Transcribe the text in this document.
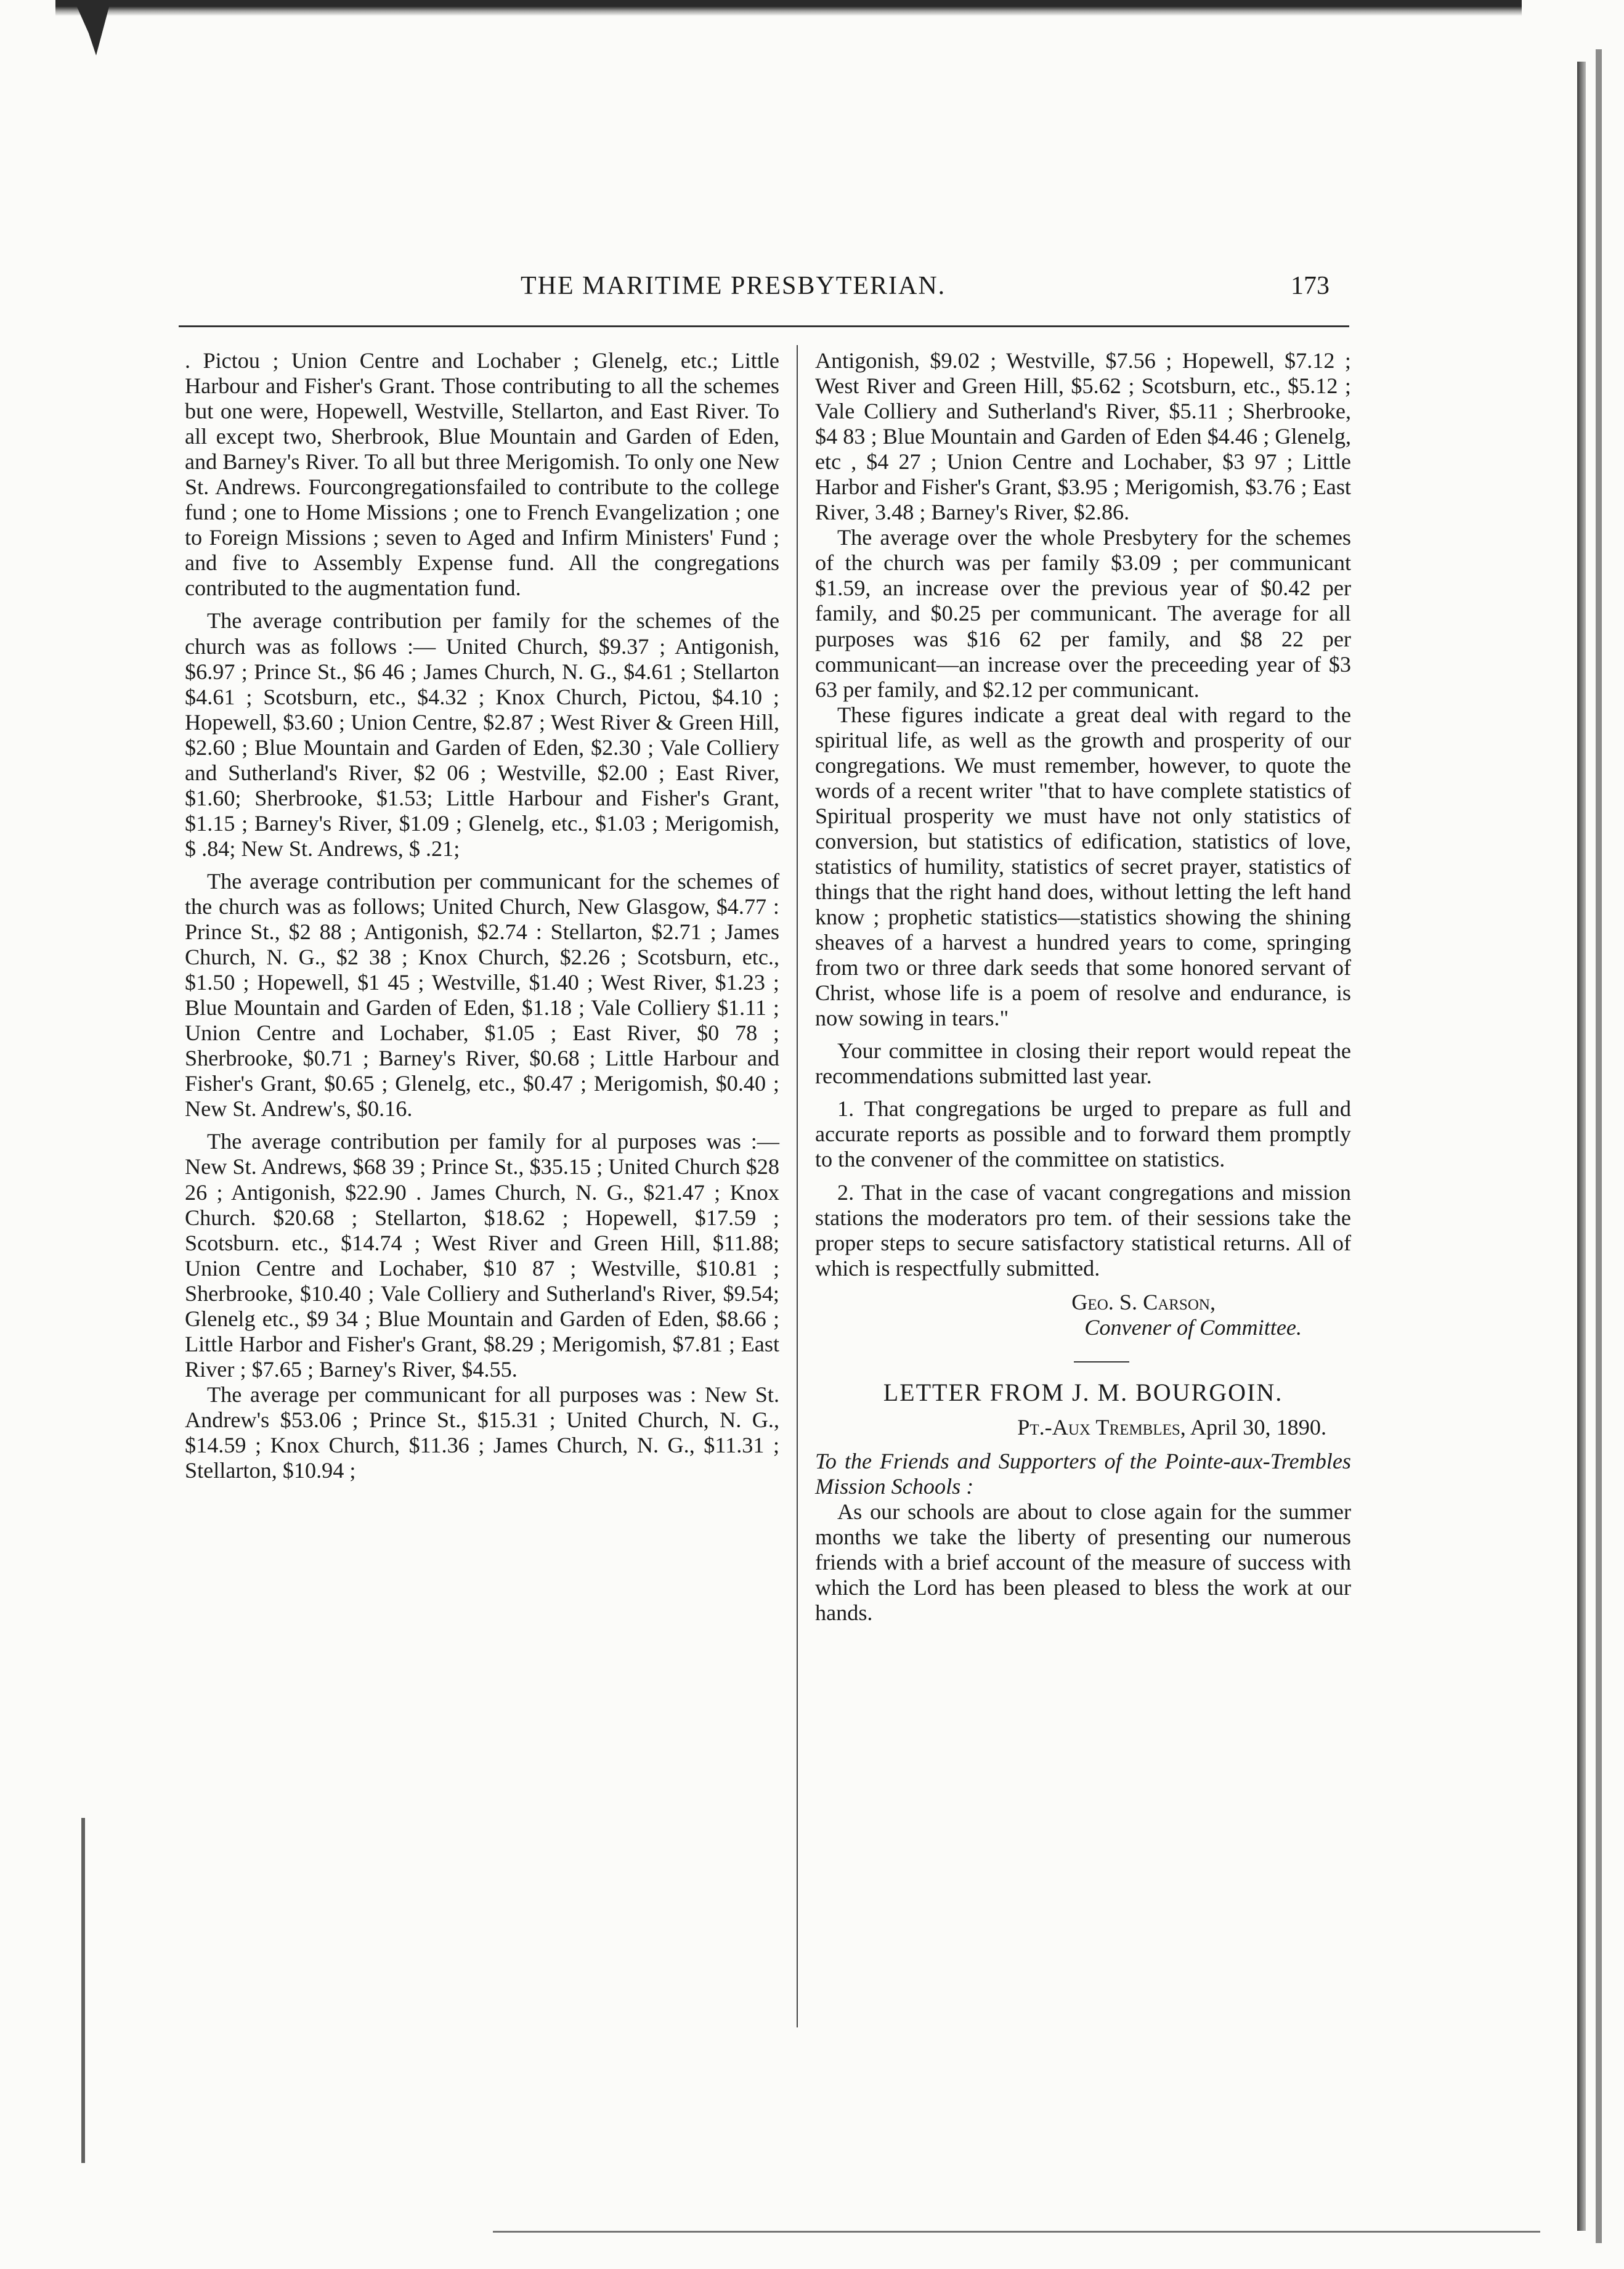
THE MARITIME PRESBYTERIAN.	173

. Pictou ; Union Centre and Lochaber ; Glenelg, etc.; Little Harbour and Fisher's Grant. Those contributing to all the schemes but one were, Hopewell, Westville, Stellarton, and East River. To all except two, Sherbrook, Blue Mountain and Garden of Eden, and Barney's River. To all but three Merigomish. To only one New St. Andrews. Fourcongregationsfailed to contribute to the college fund ; one to Home Missions ; one to French Evangelization ; one to Foreign Missions ; seven to Aged and Infirm Ministers' Fund ; and five to Assembly Expense fund. All the congregations contributed to the augmentation fund.

The average contribution per family for the schemes of the church was as follows :— United Church, $9.37 ; Antigonish, $6.97 ; Prince St., $6 46 ; James Church, N. G., $4.61 ; Stellarton $4.61 ; Scotsburn, etc., $4.32 ; Knox Church, Pictou, $4.10 ; Hopewell, $3.60 ; Union Centre, $2.87 ; West River & Green Hill, $2.60 ; Blue Mountain and Garden of Eden, $2.30 ; Vale Colliery and Sutherland's River, $2 06 ; Westville, $2.00 ; East River, $1.60; Sherbrooke, $1.53; Little Harbour and Fisher's Grant, $1.15 ; Barney's River, $1.09 ; Glenelg, etc., $1.03 ; Merigomish, $ .84; New St. Andrews, $ .21;

The average contribution per communicant for the schemes of the church was as follows; United Church, New Glasgow, $4.77 : Prince St., $2 88 ; Antigonish, $2.74 : Stellarton, $2.71 ; James Church, N. G., $2 38 ; Knox Church, $2.26 ; Scotsburn, etc., $1.50 ; Hopewell, $1 45 ; Westville, $1.40 ; West River, $1.23 ; Blue Mountain and Garden of Eden, $1.18 ; Vale Colliery $1.11 ; Union Centre and Lochaber, $1.05 ; East River, $0 78 ; Sherbrooke, $0.71 ; Barney's River, $0.68 ; Little Harbour and Fisher's Grant, $0.65 ; Glenelg, etc., $0.47 ; Merigomish, $0.40 ; New St. Andrew's, $0.16.

The average contribution per family for al purposes was :—New St. Andrews, $68 39 ; Prince St., $35.15 ; United Church $28 26 ; Antigonish, $22.90 . James Church, N. G., $21.47 ; Knox Church. $20.68 ; Stellarton, $18.62 ; Hopewell, $17.59 ; Scotsburn. etc., $14.74 ; West River and Green Hill, $11.88; Union Centre and Lochaber, $10 87 ; Westville, $10.81 ; Sherbrooke, $10.40 ; Vale Colliery and Sutherland's River, $9.54; Glenelg etc., $9 34 ; Blue Mountain and Garden of Eden, $8.66 ; Little Harbor and Fisher's Grant, $8.29 ; Merigomish, $7.81 ; East River ; $7.65 ; Barney's River, $4.55.

The average per communicant for all purposes was : New St. Andrew's $53.06 ; Prince St., $15.31 ; United Church, N. G., $14.59 ; Knox Church, $11.36 ; James Church, N. G., $11.31 ; Stellarton, $10.94 ;

Antigonish, $9.02 ; Westville, $7.56 ; Hopewell, $7.12 ; West River and Green Hill, $5.62 ; Scotsburn, etc., $5.12 ; Vale Colliery and Sutherland's River, $5.11 ; Sherbrooke, $4 83 ; Blue Mountain and Garden of Eden $4.46 ; Glenelg, etc , $4 27 ; Union Centre and Lochaber, $3 97 ; Little Harbor and Fisher's Grant, $3.95 ; Merigomish, $3.76 ; East River, 3.48 ; Barney's River, $2.86.

The average over the whole Presbytery for the schemes of the church was per family $3.09 ; per communicant $1.59, an increase over the previous year of $0.42 per family, and $0.25 per communicant. The average for all purposes was $16 62 per family, and $8 22 per communicant—an increase over the preceeding year of $3 63 per family, and $2.12 per communicant.

These figures indicate a great deal with regard to the spiritual life, as well as the growth and prosperity of our congregations. We must remember, however, to quote the words of a recent writer "that to have complete statistics of Spiritual prosperity we must have not only statistics of conversion, but statistics of edification, statistics of love, statistics of humility, statistics of secret prayer, statistics of things that the right hand does, without letting the left hand know ; prophetic statistics—statistics showing the shining sheaves of a harvest a hundred years to come, springing from two or three dark seeds that some honored servant of Christ, whose life is a poem of resolve and endurance, is now sowing in tears."

Your committee in closing their report would repeat the recommendations submitted last year.

1. That congregations be urged to prepare as full and accurate reports as possible and to forward them promptly to the convener of the committee on statistics.

2. That in the case of vacant congregations and mission stations the moderators pro tem. of their sessions take the proper steps to secure satisfactory statistical returns. All of which is respectfully submitted.

Geo. S. Carson,
Convener of Committee.
LETTER FROM J. M. BOURGOIN.
Pt.-Aux Trembles, April 30, 1890.

To the Friends and Supporters of the Pointe-aux-Trembles Mission Schools :

As our schools are about to close again for the summer months we take the liberty of presenting our numerous friends with a brief account of the measure of success with which the Lord has been pleased to bless the work at our hands.
